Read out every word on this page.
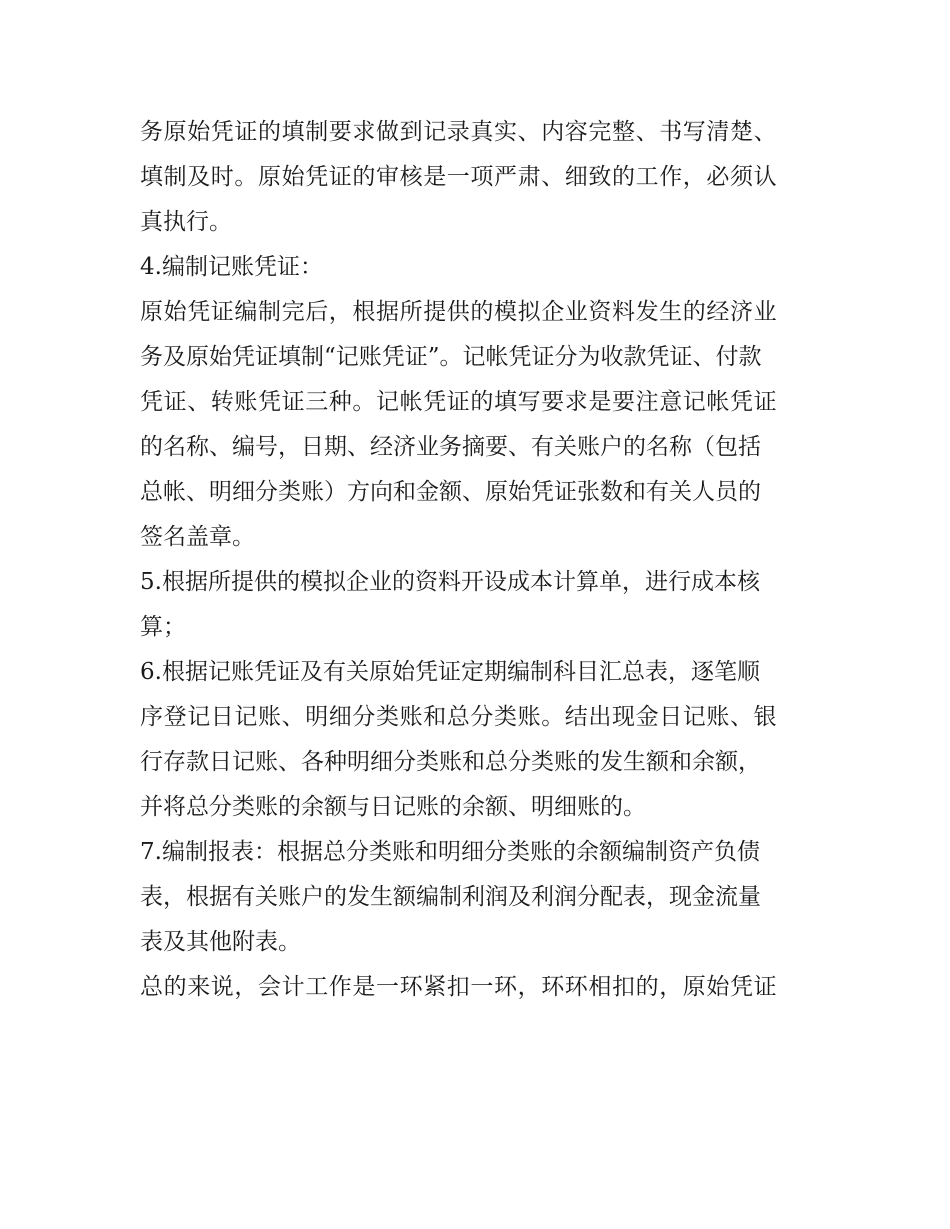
务原始凭证的填制要求做到记录真实、内容完整、书写清楚、
填制及时。原始凭证的审核是一项严肃、细致的工作，必须认
真执行。
4.编制记账凭证：
原始凭证编制完后，根据所提供的模拟企业资料发生的经济业
务及原始凭证填制“记账凭证”。记帐凭证分为收款凭证、付款
凭证、转账凭证三种。记帐凭证的填写要求是要注意记帐凭证
的名称、编号，日期、经济业务摘要、有关账户的名称（包括
总帐、明细分类账）方向和金额、原始凭证张数和有关人员的
签名盖章。
5.根据所提供的模拟企业的资料开设成本计算单，进行成本核
算；
6.根据记账凭证及有关原始凭证定期编制科目汇总表，逐笔顺
序登记日记账、明细分类账和总分类账。结出现金日记账、银
行存款日记账、各种明细分类账和总分类账的发生额和余额，
并将总分类账的余额与日记账的余额、明细账的。
7.编制报表：根据总分类账和明细分类账的余额编制资产负债
表，根据有关账户的发生额编制利润及利润分配表，现金流量
表及其他附表。
总的来说，会计工作是一环紧扣一环，环环相扣的，原始凭证
